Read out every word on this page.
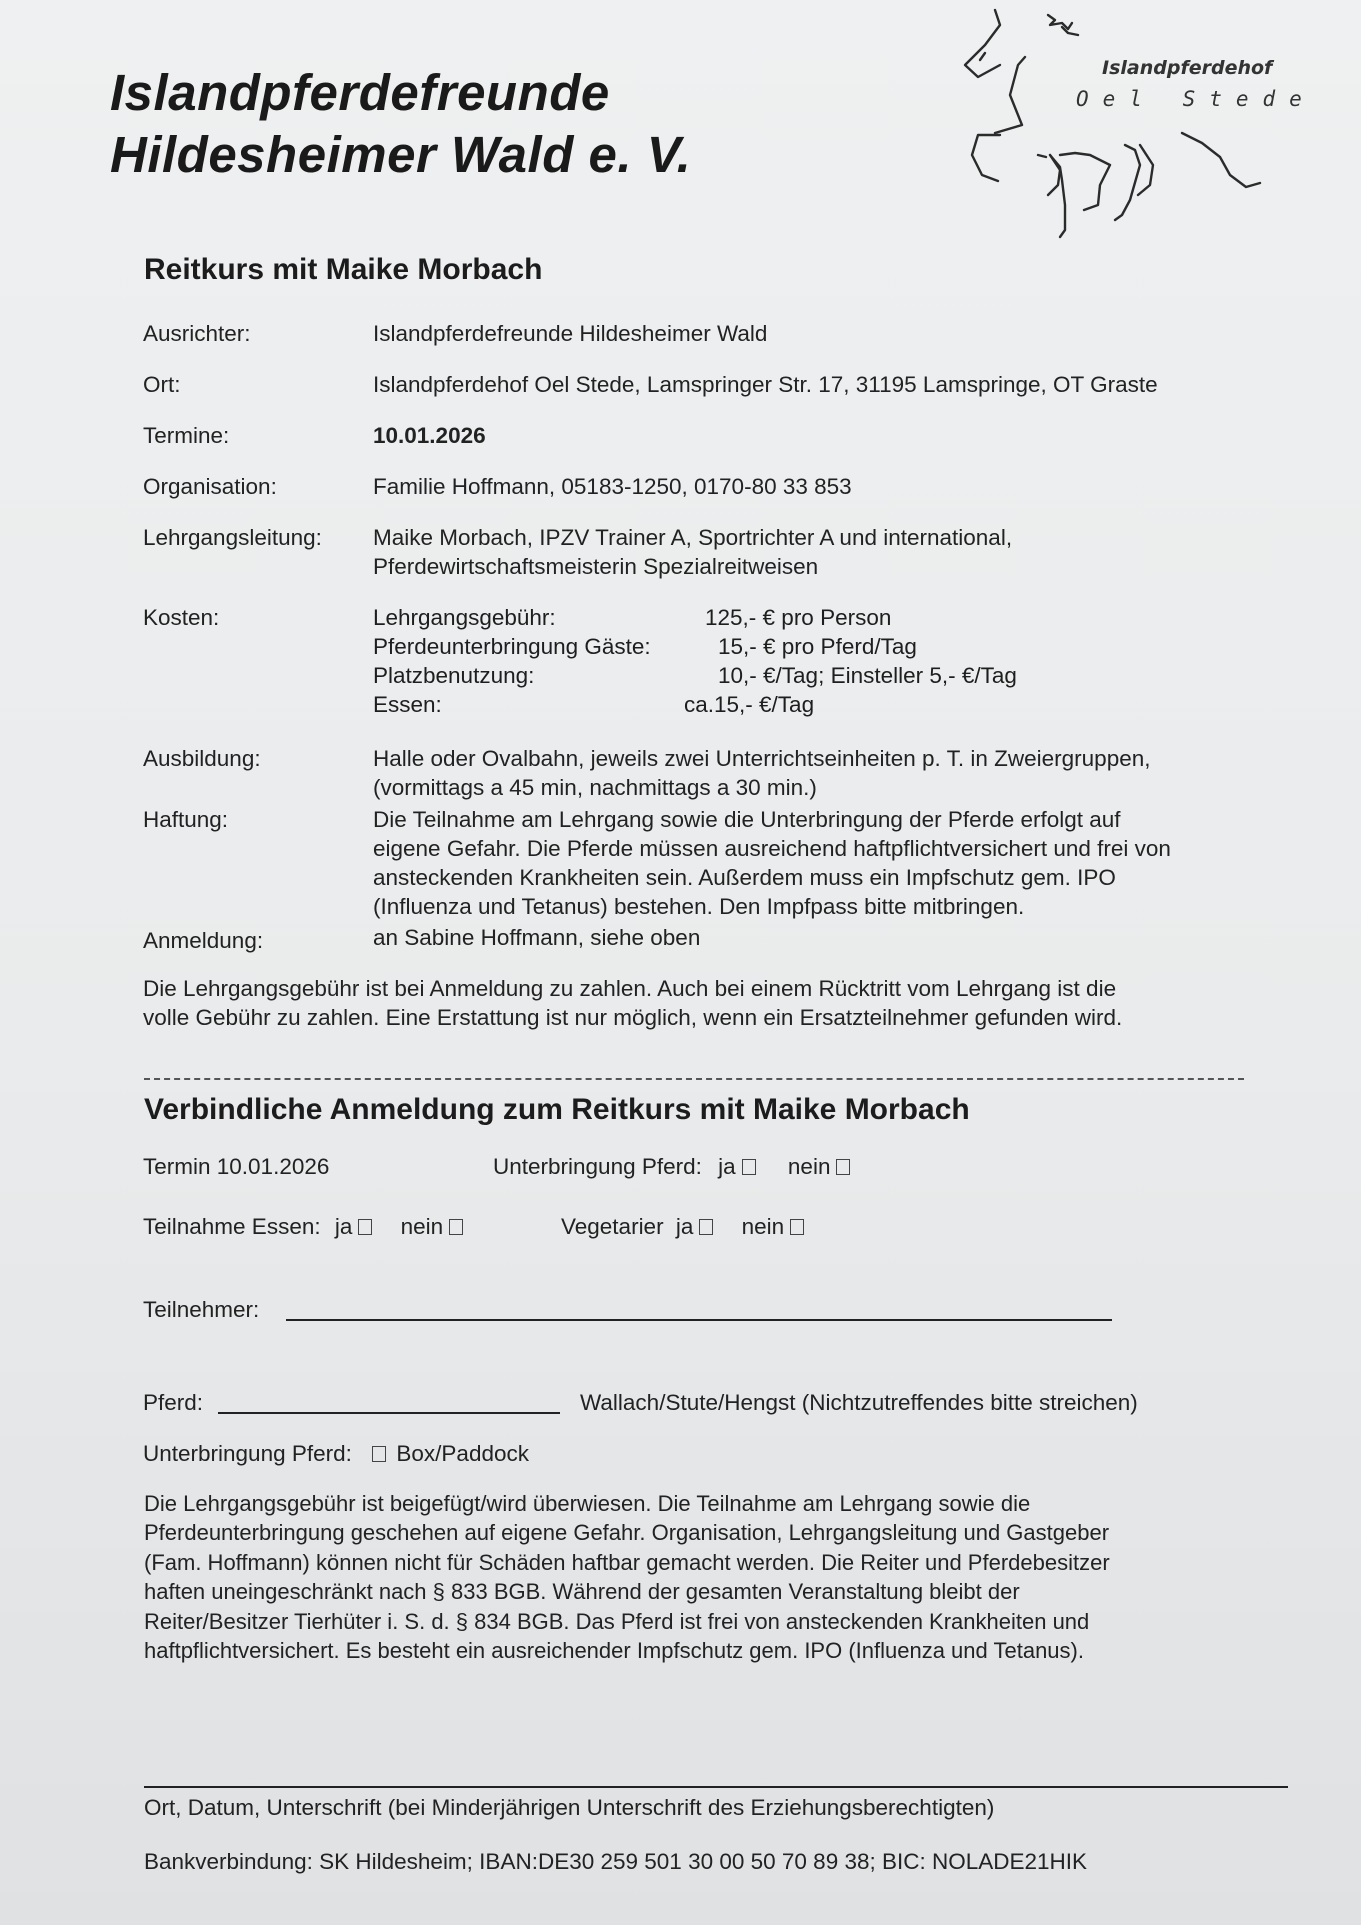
Islandpferdefreunde
Hildesheimer Wald e. V.
Islandpferdehof
Oel Stede
Reitkurs mit Maike Morbach
Ausrichter:	Islandpferdefreunde Hildesheimer Wald
Ort:	Islandpferdehof Oel Stede, Lamspringer Str. 17, 31195 Lamspringe, OT Graste
Termine:	10.01.2026
Organisation:	Familie Hoffmann, 05183-1250, 0170-80 33 853
Lehrgangsleitung: Maike Morbach, IPZV Trainer A, Sportrichter A und international,
Pferdewirtschaftsmeisterin Spezialreitweisen
Kosten:	Lehrgangsgebühr:	125,- € pro Person
Pferdeunterbringung Gäste:	15,- € pro Pferd/Tag
Platzbenutzung:	10,- €/Tag; Einsteller 5,- €/Tag
Essen:	ca.15,- €/Tag
Ausbildung:	Halle oder Ovalbahn, jeweils zwei Unterrichtseinheiten p. T. in Zweiergruppen,
(vormittags a 45 min, nachmittags a 30 min.)
Haftung:	Die Teilnahme am Lehrgang sowie die Unterbringung der Pferde erfolgt auf
eigene Gefahr. Die Pferde müssen ausreichend haftpflichtversichert und frei von
ansteckenden Krankheiten sein. Außerdem muss ein Impfschutz gem. IPO
(Influenza und Tetanus) bestehen. Den Impfpass bitte mitbringen.
Anmeldung:	an Sabine Hoffmann, siehe oben
Die Lehrgangsgebühr ist bei Anmeldung zu zahlen. Auch bei einem Rücktritt vom Lehrgang ist die
volle Gebühr zu zahlen. Eine Erstattung ist nur möglich, wenn ein Ersatzteilnehmer gefunden wird.
Verbindliche Anmeldung zum Reitkurs mit Maike Morbach
Termin 10.01.2026	Unterbringung Pferd: ja nein
Teilnahme Essen: ja nein	Vegetarier ja nein
Teilnehmer:
Pferd:	Wallach/Stute/Hengst (Nichtzutreffendes bitte streichen)
Unterbringung Pferd: Box/Paddock
Die Lehrgangsgebühr ist beigefügt/wird überwiesen. Die Teilnahme am Lehrgang sowie die
Pferdeunterbringung geschehen auf eigene Gefahr. Organisation, Lehrgangsleitung und Gastgeber
(Fam. Hoffmann) können nicht für Schäden haftbar gemacht werden. Die Reiter und Pferdebesitzer
haften uneingeschränkt nach § 833 BGB. Während der gesamten Veranstaltung bleibt der
Reiter/Besitzer Tierhüter i. S. d. § 834 BGB. Das Pferd ist frei von ansteckenden Krankheiten und
haftpflichtversichert. Es besteht ein ausreichender Impfschutz gem. IPO (Influenza und Tetanus).
Ort, Datum, Unterschrift (bei Minderjährigen Unterschrift des Erziehungsberechtigten)
Bankverbindung: SK Hildesheim; IBAN:DE30 259 501 30 00 50 70 89 38; BIC: NOLADE21HIK
